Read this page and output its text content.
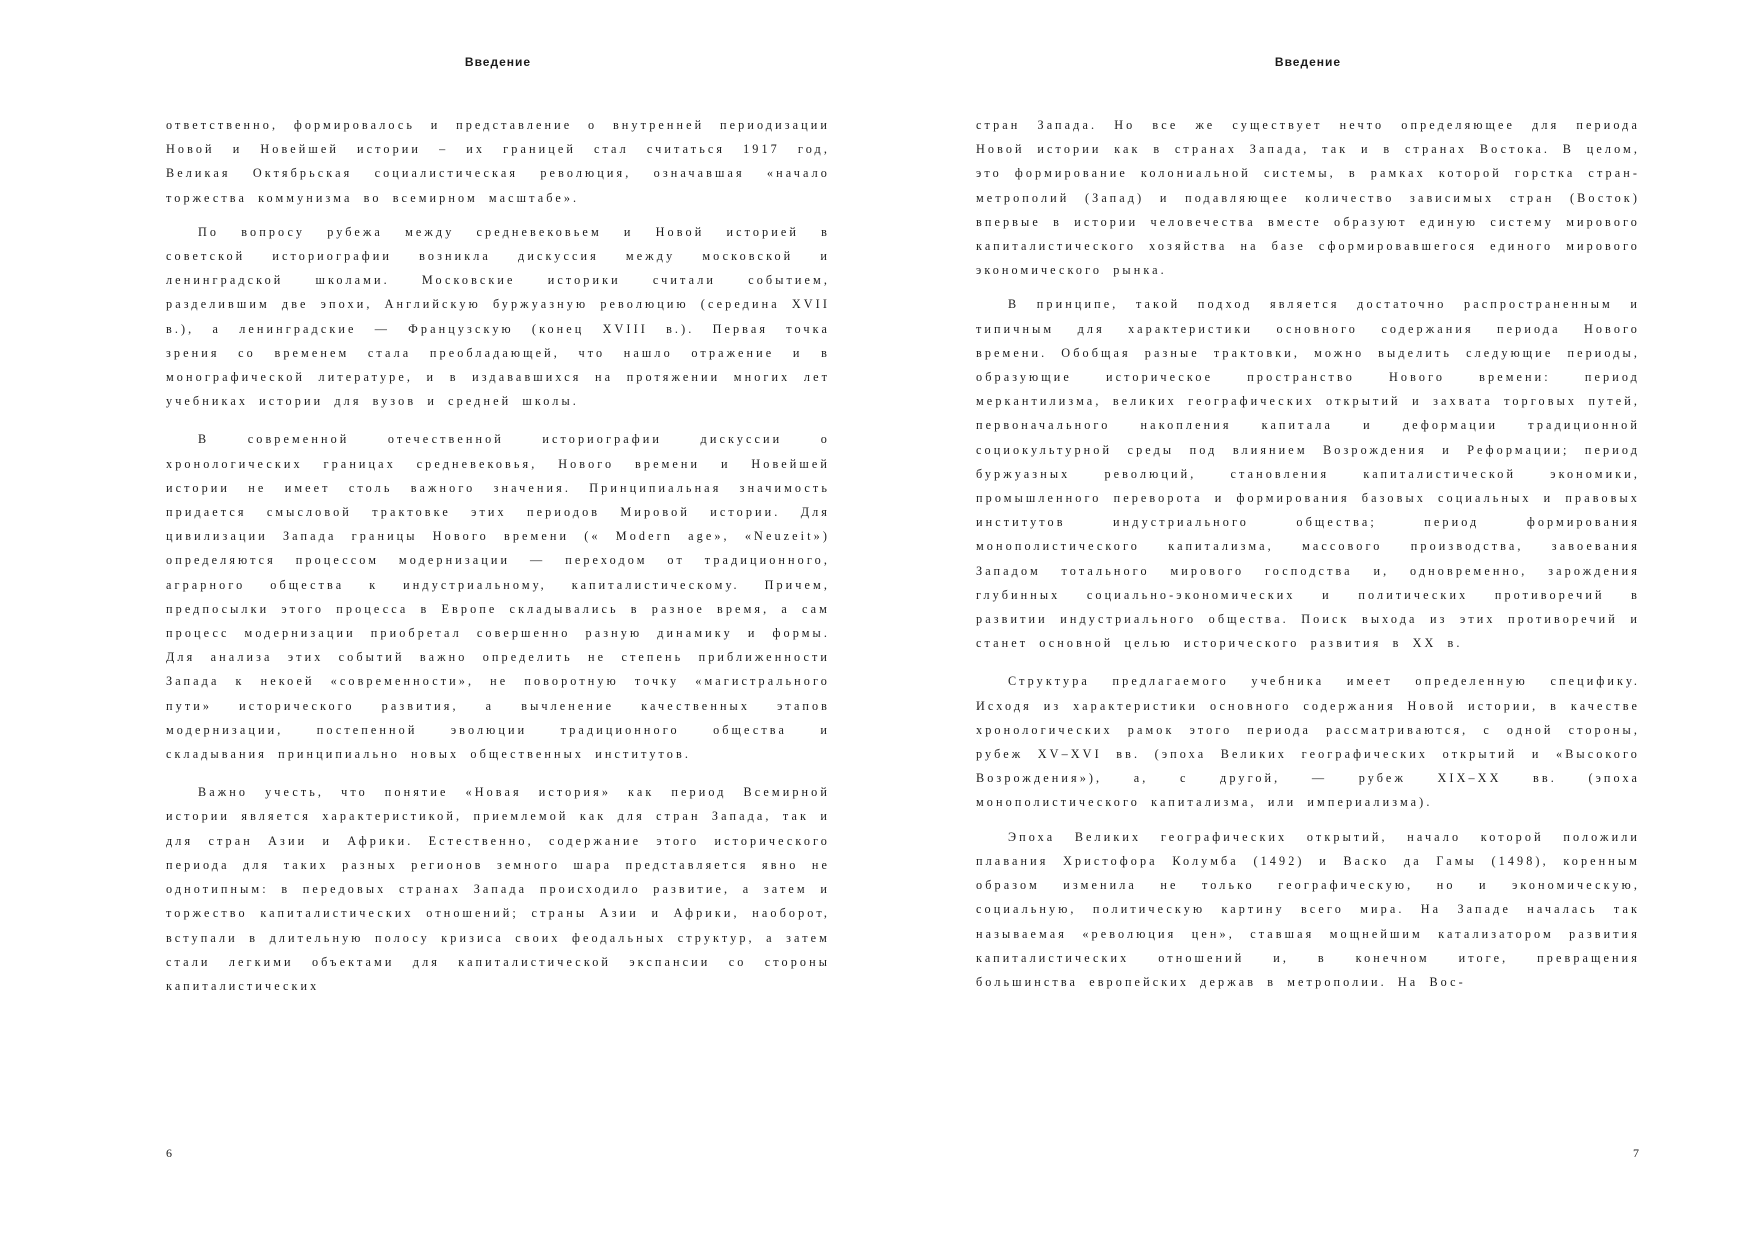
Введение

ответственно, формировалось и представление о внутренней периодизации Новой и Новейшей истории – их границей стал считаться 1917 год, Великая Октябрьская социалистическая революция, означавшая «начало торжества коммунизма во всемирном масштабе».

По вопросу рубежа между средневековьем и Новой историей в советской историографии возникла дискуссия между московской и ленинградской школами. Московские историки считали событием, разделившим две эпохи, Английскую буржуазную революцию (середина XVII в.), а ленинградские — Французскую (конец XVIII в.). Первая точка зрения со временем стала преобладающей, что нашло отражение и в монографической литературе, и в издававшихся на протяжении многих лет учебниках истории для вузов и средней школы.

В современной отечественной историографии дискуссии о хронологических границах средневековья, Нового времени и Новейшей истории не имеет столь важного значения. Принципиальная значимость придается смысловой трактовке этих периодов Мировой истории. Для цивилизации Запада границы Нового времени (« Modern age», «Neuzeit») определяются процессом модернизации — переходом от традиционного, аграрного общества к индустриальному, капиталистическому. Причем, предпосылки этого процесса в Европе складывались в разное время, а сам процесс модернизации приобретал совершенно разную динамику и формы. Для анализа этих событий важно определить не степень приближенности Запада к некоей «современности», не поворотную точку «магистрального пути» исторического развития, а вычленение качественных этапов модернизации, постепенной эволюции традиционного общества и складывания принципиально новых общественных институтов.

Важно учесть, что понятие «Новая история» как период Всемирной истории является характеристикой, приемлемой как для стран Запада, так и для стран Азии и Африки. Естественно, содержание этого исторического периода для таких разных регионов земного шара представляется явно не однотипным: в передовых странах Запада происходило развитие, а затем и торжество капиталистических отношений; страны Азии и Африки, наоборот, вступали в длительную полосу кризиса своих феодальных структур, а затем стали легкими объектами для капиталистической экспансии со стороны капиталистических

6
Введение

стран Запада. Но все же существует нечто определяющее для периода Новой истории как в странах Запада, так и в странах Востока. В целом, это формирование колониальной системы, в рамках которой горстка стран-метрополий (Запад) и подавляющее количество зависимых стран (Восток) впервые в истории человечества вместе образуют единую систему мирового капиталистического хозяйства на базе сформировавшегося единого мирового экономического рынка.

В принципе, такой подход является достаточно распространенным и типичным для характеристики основного содержания периода Нового времени. Обобщая разные трактовки, можно выделить следующие периоды, образующие историческое пространство Нового времени: период меркантилизма, великих географических открытий и захвата торговых путей, первоначального накопления капитала и деформации традиционной социокультурной среды под влиянием Возрождения и Реформации; период буржуазных революций, становления капиталистической экономики, промышленного переворота и формирования базовых социальных и правовых институтов индустриального общества; период формирования монополистического капитализма, массового производства, завоевания Западом тотального мирового господства и, одновременно, зарождения глубинных социально-экономических и политических противоречий в развитии индустриального общества. Поиск выхода из этих противоречий и станет основной целью исторического развития в XX в.

Структура предлагаемого учебника имеет определенную специфику. Исходя из характеристики основного содержания Новой истории, в качестве хронологических рамок этого периода рассматриваются, с одной стороны, рубеж XV–XVI вв. (эпоха Великих географических открытий и «Высокого Возрождения»), а, с другой, — рубеж XIX–XX вв. (эпоха монополистического капитализма, или империализма).

Эпоха Великих географических открытий, начало которой положили плавания Христофора Колумба (1492) и Васко да Гамы (1498), коренным образом изменила не только географическую, но и экономическую, социальную, политическую картину всего мира. На Западе началась так называемая «революция цен», ставшая мощнейшим катализатором развития капиталистических отношений и, в конечном итоге, превращения большинства европейских держав в метрополии. На Вос-

7
